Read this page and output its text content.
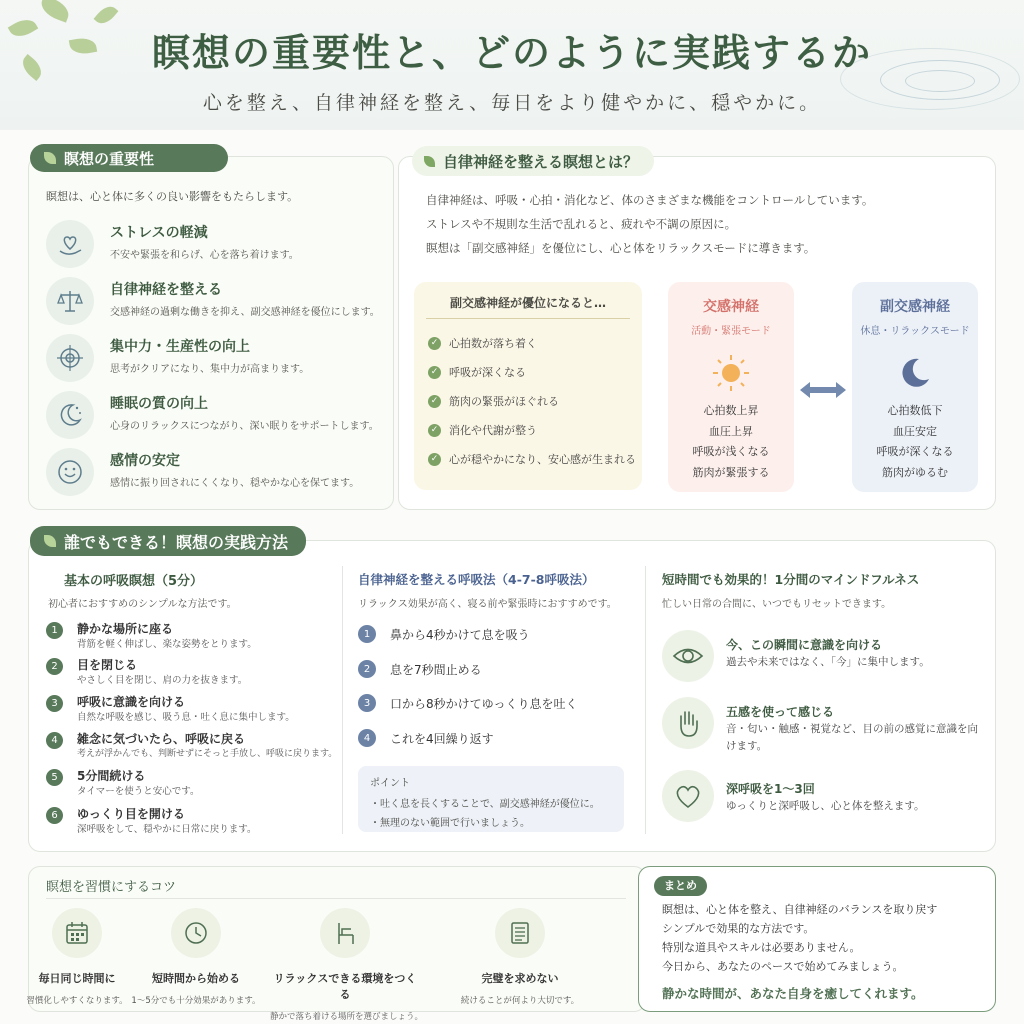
瞑想の重要性と、どのように実践するか
心を整え、自律神経を整え、毎日をより健やかに、穏やかに。
瞑想の重要性
瞑想は、心と体に多くの良い影響をもたらします。
ストレスの軽減
不安や緊張を和らげ、心を落ち着けます。
自律神経を整える
交感神経の過剰な働きを抑え、副交感神経を優位にします。
集中力・生産性の向上
思考がクリアになり、集中力が高まります。
睡眠の質の向上
心身のリラックスにつながり、深い眠りをサポートします。
感情の安定
感情に振り回されにくくなり、穏やかな心を保てます。
自律神経を整える瞑想とは？
自律神経は、呼吸・心拍・消化など、体のさまざまな機能をコントロールしています。
ストレスや不規則な生活で乱れると、疲れや不調の原因に。
瞑想は「副交感神経」を優位にし、心と体をリラックスモードに導きます。
副交感神経が優位になると…
✓ 心拍数が落ち着く
✓ 呼吸が深くなる
✓ 筋肉の緊張がほぐれる
✓ 消化や代謝が整う
✓ 心が穏やかになり、安心感が生まれる
交感神経
活動・緊張モード
心拍数上昇
血圧上昇
呼吸が浅くなる
筋肉が緊張する
副交感神経
休息・リラックスモード
心拍数低下
血圧安定
呼吸が深くなる
筋肉がゆるむ
誰でもできる！瞑想の実践方法
基本の呼吸瞑想（5分）
初心者におすすめのシンプルな方法です。
1	静かな場所に座る
背筋を軽く伸ばし、楽な姿勢をとります。
2	目を閉じる
やさしく目を閉じ、肩の力を抜きます。
3	呼吸に意識を向ける
自然な呼吸を感じ、吸う息・吐く息に集中します。
4	雑念に気づいたら、呼吸に戻る
考えが浮かんでも、判断せずにそっと手放し、呼吸に戻ります。
5	5分間続ける
タイマーを使うと安心です。
6	ゆっくり目を開ける
深呼吸をして、穏やかに日常に戻ります。
自律神経を整える呼吸法（4-7-8呼吸法）
リラックス効果が高く、寝る前や緊張時におすすめです。
1	鼻から4秒かけて息を吸う
2	息を7秒間止める
3	口から8秒かけてゆっくり息を吐く
4	これを4回繰り返す
ポイント
・吐く息を長くすることで、副交感神経が優位に。
・無理のない範囲で行いましょう。
短時間でも効果的！1分間のマインドフルネス
忙しい日常の合間に、いつでもリセットできます。
今、この瞬間に意識を向ける
過去や未来ではなく、「今」に集中します。
五感を使って感じる
音・匂い・触感・視覚など、目の前の感覚に意識を向けます。
深呼吸を1〜3回
ゆっくりと深呼吸し、心と体を整えます。
瞑想を習慣にするコツ
毎日同じ時間に
習慣化しやすくなります。
短時間から始める
1〜5分でも十分効果があります。
リラックスできる環境をつくる
静かで落ち着ける場所を選びましょう。
完璧を求めない
続けることが何より大切です。
まとめ
瞑想は、心と体を整え、自律神経のバランスを取り戻す
シンプルで効果的な方法です。
特別な道具やスキルは必要ありません。
今日から、あなたのペースで始めてみましょう。
静かな時間が、あなた自身を癒してくれます。
